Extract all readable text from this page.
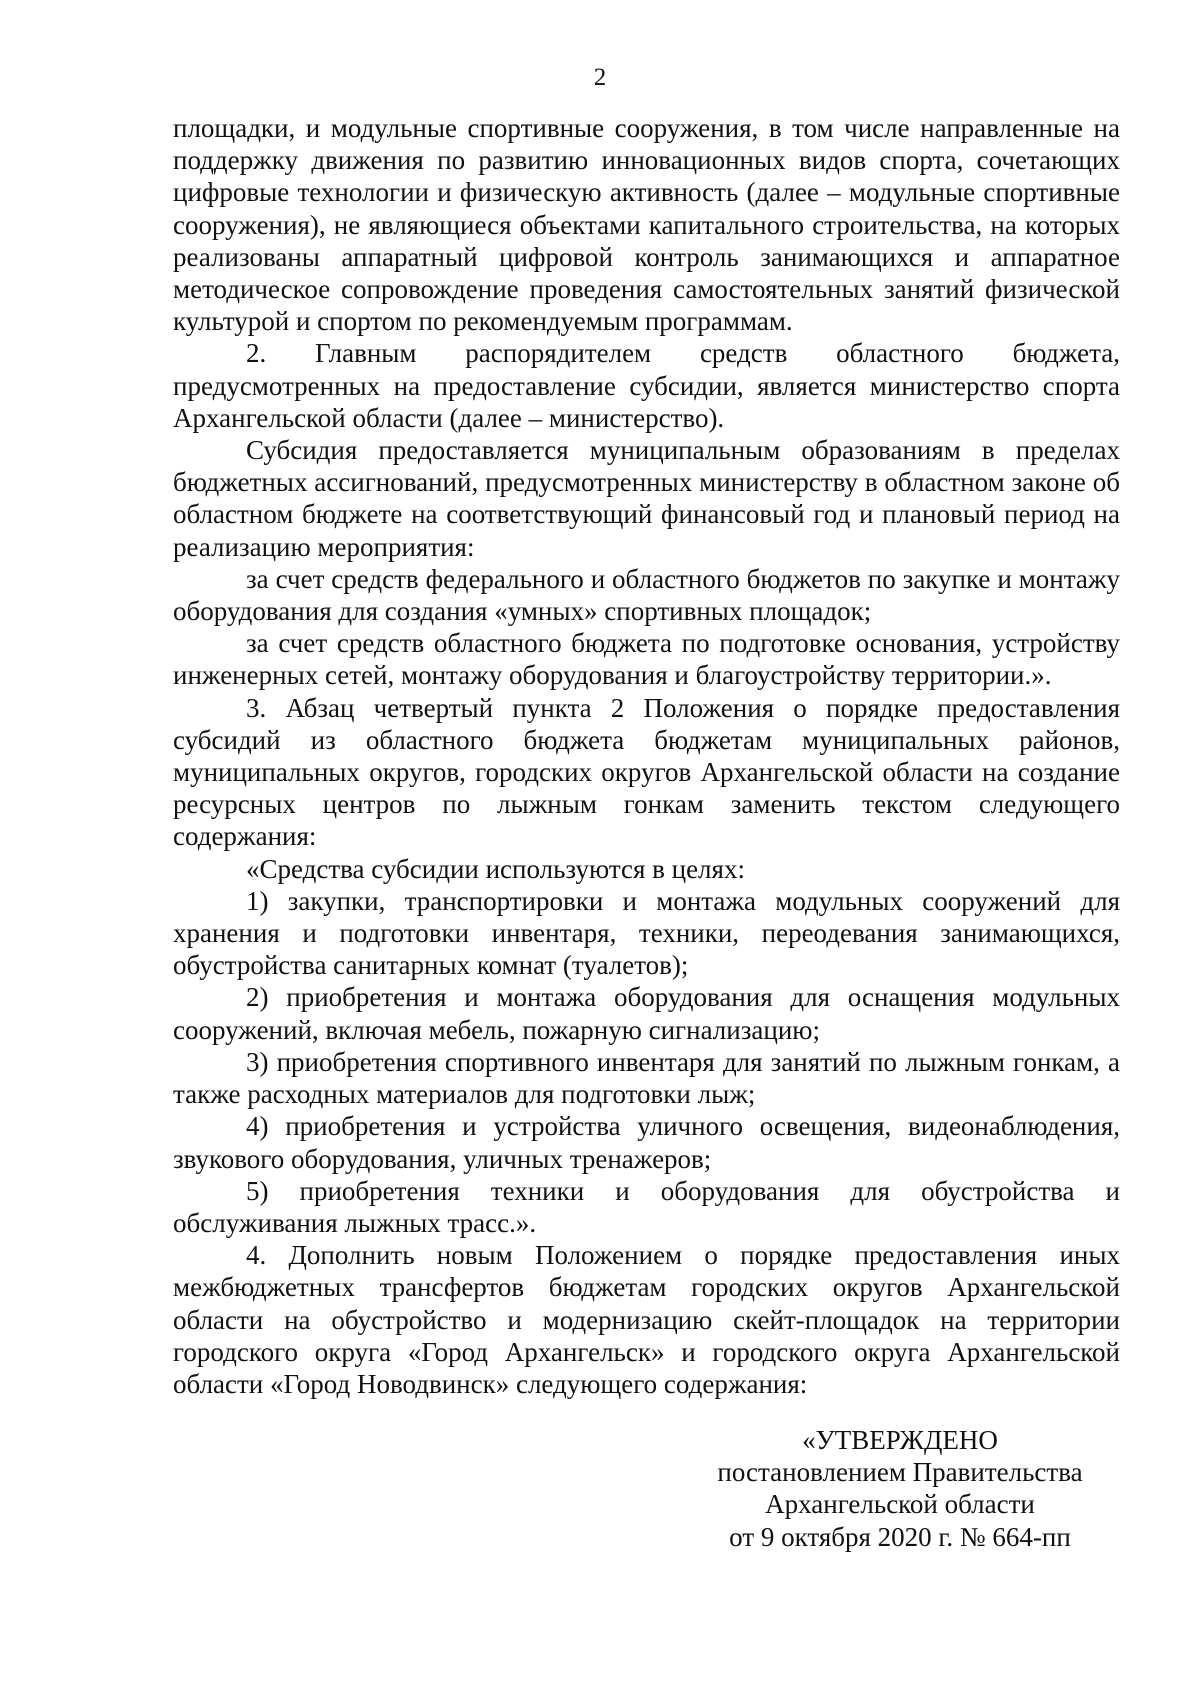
2

площадки, и модульные спортивные сооружения, в том числе направленные на поддержку движения по развитию инновационных видов спорта, сочетающих цифровые технологии и физическую активность (далее – модульные спортивные сооружения), не являющиеся объектами капитального строительства, на которых реализованы аппаратный цифровой контроль занимающихся и аппаратное методическое сопровождение проведения самостоятельных занятий физической культурой и спортом по рекомендуемым программам.

2. Главным распорядителем средств областного бюджета, предусмотренных на предоставление субсидии, является министерство спорта Архангельской области (далее – министерство).

Субсидия предоставляется муниципальным образованиям в пределах бюджетных ассигнований, предусмотренных министерству в областном законе об областном бюджете на соответствующий финансовый год и плановый период на реализацию мероприятия:

за счет средств федерального и областного бюджетов по закупке и монтажу оборудования для создания «умных» спортивных площадок;

за счет средств областного бюджета по подготовке основания, устройству инженерных сетей, монтажу оборудования и благоустройству территории.».

3. Абзац четвертый пункта 2 Положения о порядке предоставления субсидий из областного бюджета бюджетам муниципальных районов, муниципальных округов, городских округов Архангельской области на создание ресурсных центров по лыжным гонкам заменить текстом следующего содержания:

«Средства субсидии используются в целях:

1) закупки, транспортировки и монтажа модульных сооружений для хранения и подготовки инвентаря, техники, переодевания занимающихся, обустройства санитарных комнат (туалетов);

2) приобретения и монтажа оборудования для оснащения модульных сооружений, включая мебель, пожарную сигнализацию;

3) приобретения спортивного инвентаря для занятий по лыжным гонкам, а также расходных материалов для подготовки лыж;

4) приобретения и устройства уличного освещения, видеонаблюдения, звукового оборудования, уличных тренажеров;

5) приобретения техники и оборудования для обустройства и обслуживания лыжных трасс.».

4. Дополнить новым Положением о порядке предоставления иных межбюджетных трансфертов бюджетам городских округов Архангельской области на обустройство и модернизацию скейт-площадок на территории городского округа «Город Архангельск» и городского округа Архангельской области «Город Новодвинск» следующего содержания:

«УТВЕРЖДЕНО
постановлением Правительства
Архангельской области
от 9 октября 2020 г. № 664-пп
